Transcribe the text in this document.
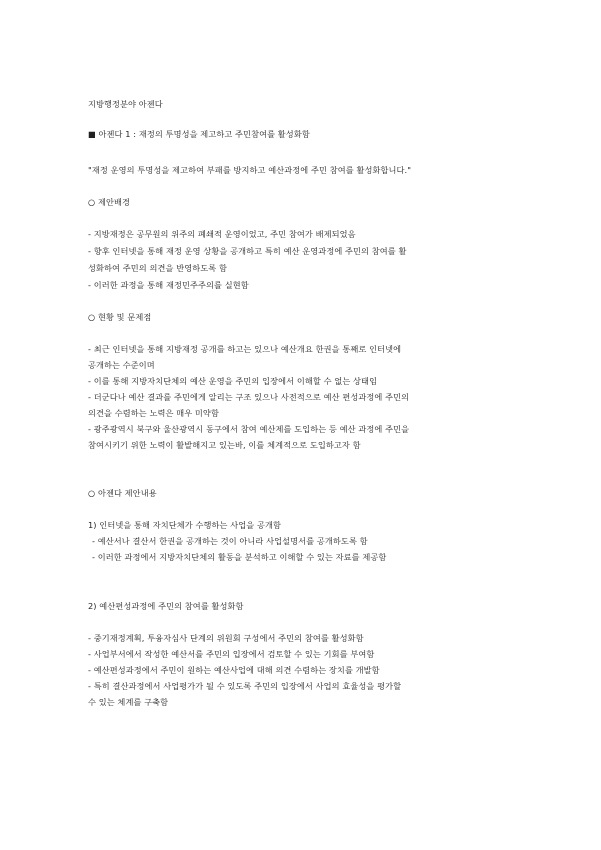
지방행정분야 아젠다
■ 아젠다 1 : 재정의 투명성을 제고하고 주민참여를 활성화함
"재정 운영의 투명성을 제고하여 부패를 방지하고 예산과정에 주민 참여를 활성화합니다."
○ 제안배경
- 지방재정은 공무원의 위주의 폐쇄적 운영이었고, 주민 참여가 배제되었음
- 향후 인터넷을 통해 재정 운영 상황을 공개하고 특히 예산 운영과정에 주민의 참여를 활
성화하여 주민의 의견을 반영하도록 함
- 이러한 과정을 통해 재정민주주의를 실현함
○ 현황 및 문제점
- 최근 인터넷을 통해 지방재정 공개를 하고는 있으나 예산개요 한권을 통째로 인터넷에
공개하는 수준이며
- 이를 통해 지방자치단체의 예산 운영을 주민의 입장에서 이해할 수 없는 상태임
- 더군다나 예산 결과를 주민에게 알리는 구조 있으나 사전적으로 예산 편성과정에 주민의
의견을 수렴하는 노력은 매우 미약함
- 광주광역시 북구와 울산광역시 동구에서 참여 예산제를 도입하는 등 예산 과정에 주민을
참여시키기 위한 노력이 활발해지고 있는바, 이를 체계적으로 도입하고자 함
○ 아젠다 제안내용
1) 인터넷을 통해 자치단체가 수행하는 사업을 공개함
- 예산서나 결산서 한권을 공개하는 것이 아니라 사업설명서를 공개하도록 함
- 이러한 과정에서 지방자치단체의 활동을 분석하고 이해할 수 있는 자료를 제공함
2) 예산편성과정에 주민의 참여를 활성화함
- 중기재정계획, 투융자심사 단계의 위원회 구성에서 주민의 참여를 활성화함
- 사업부서에서 작성한 예산서를 주민의 입장에서 검토할 수 있는 기회를 부여함
- 예산편성과정에서 주민이 원하는 예산사업에 대해 의견 수렴하는 장치를 개발함
- 특히 결산과정에서 사업평가가 될 수 있도록 주민의 입장에서 사업의 효율성을 평가할
수 있는 체계를 구축함
